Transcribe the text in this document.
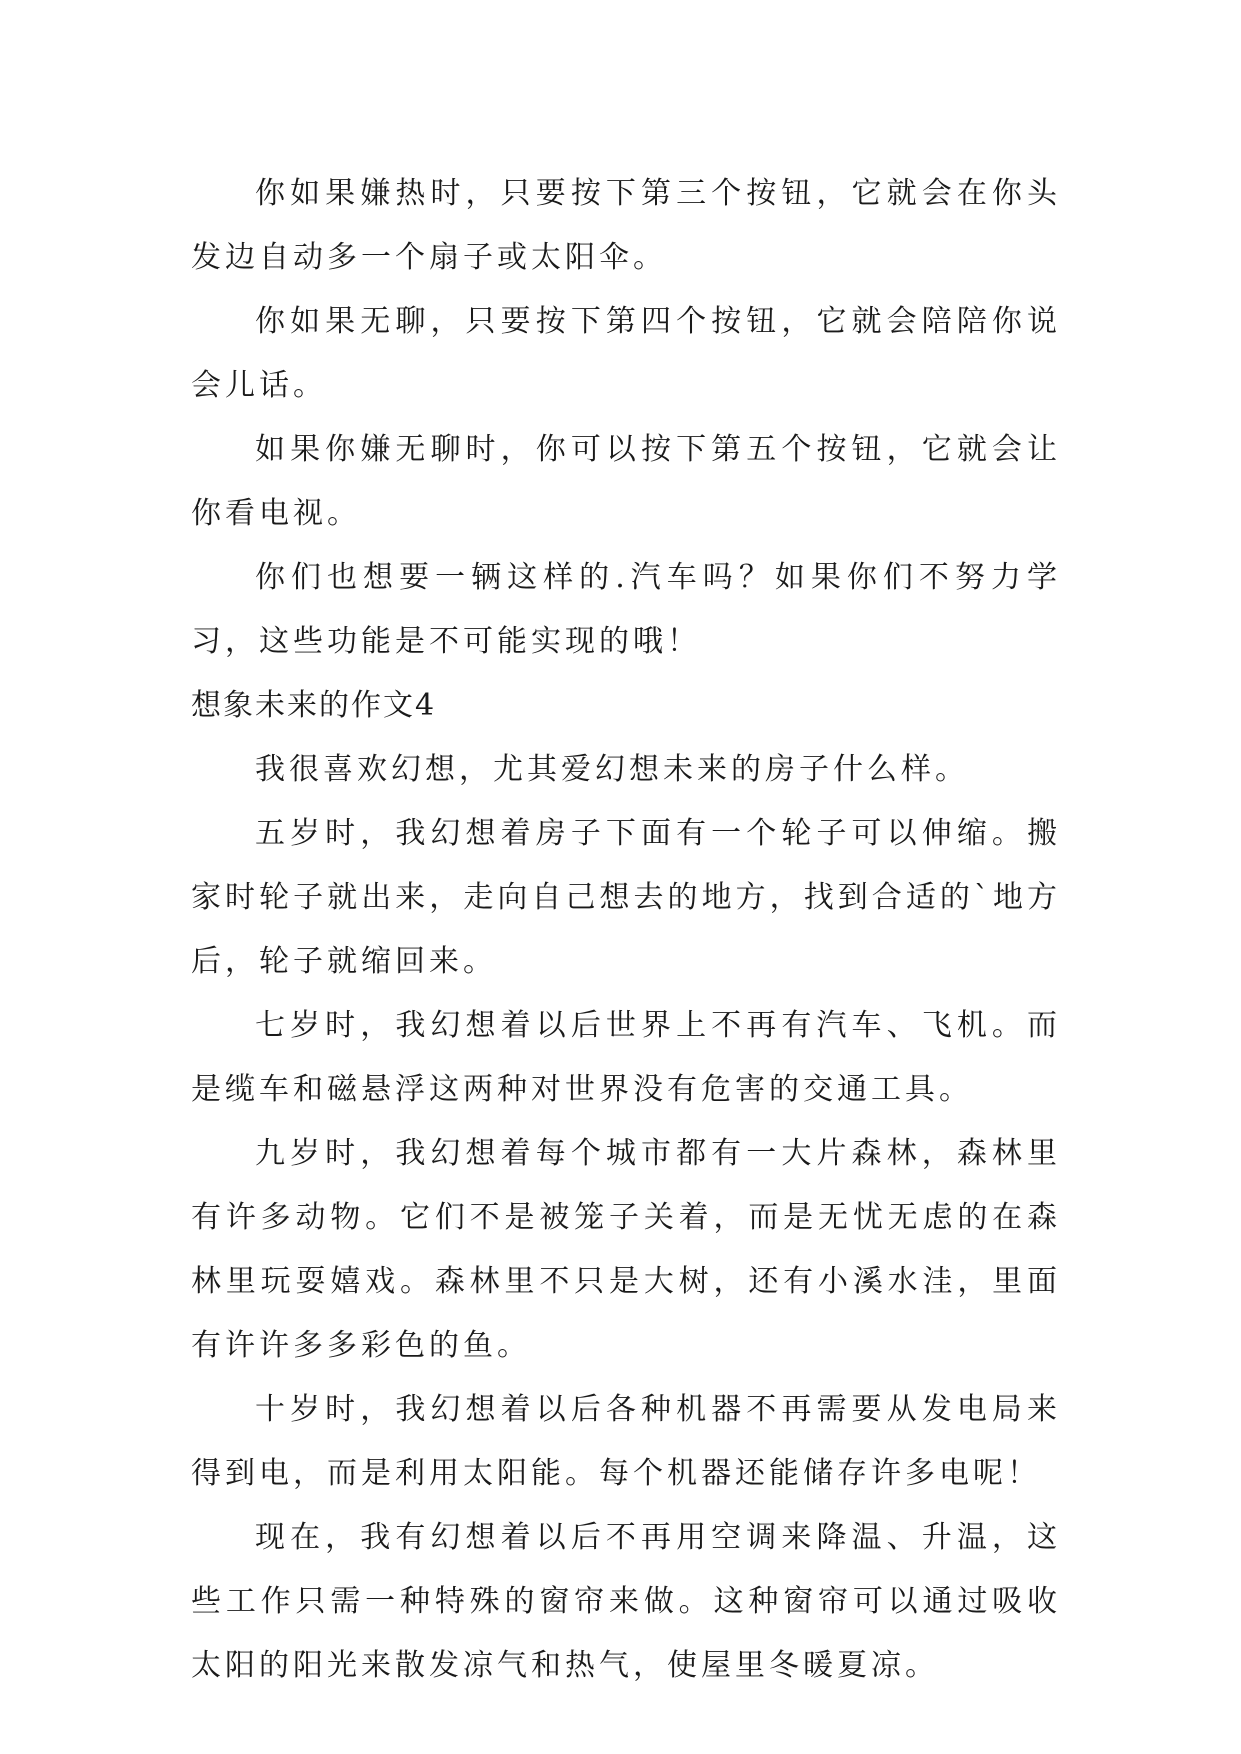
你如果嫌热时，只要按下第三个按钮，它就会在你头发边自动多一个扇子或太阳伞。

你如果无聊，只要按下第四个按钮，它就会陪陪你说会儿话。

如果你嫌无聊时，你可以按下第五个按钮，它就会让你看电视。

你们也想要一辆这样的.汽车吗？如果你们不努力学习，这些功能是不可能实现的哦！

想象未来的作文4

我很喜欢幻想，尤其爱幻想未来的房子什么样。

五岁时，我幻想着房子下面有一个轮子可以伸缩。搬家时轮子就出来，走向自己想去的地方，找到合适的`地方后，轮子就缩回来。

七岁时，我幻想着以后世界上不再有汽车、飞机。而是缆车和磁悬浮这两种对世界没有危害的交通工具。

九岁时，我幻想着每个城市都有一大片森林，森林里有许多动物。它们不是被笼子关着，而是无忧无虑的在森林里玩耍嬉戏。森林里不只是大树，还有小溪水洼，里面有许许多多彩色的鱼。

十岁时，我幻想着以后各种机器不再需要从发电局来得到电，而是利用太阳能。每个机器还能储存许多电呢！

现在，我有幻想着以后不再用空调来降温、升温，这些工作只需一种特殊的窗帘来做。这种窗帘可以通过吸收太阳的阳光来散发凉气和热气，使屋里冬暖夏凉。
